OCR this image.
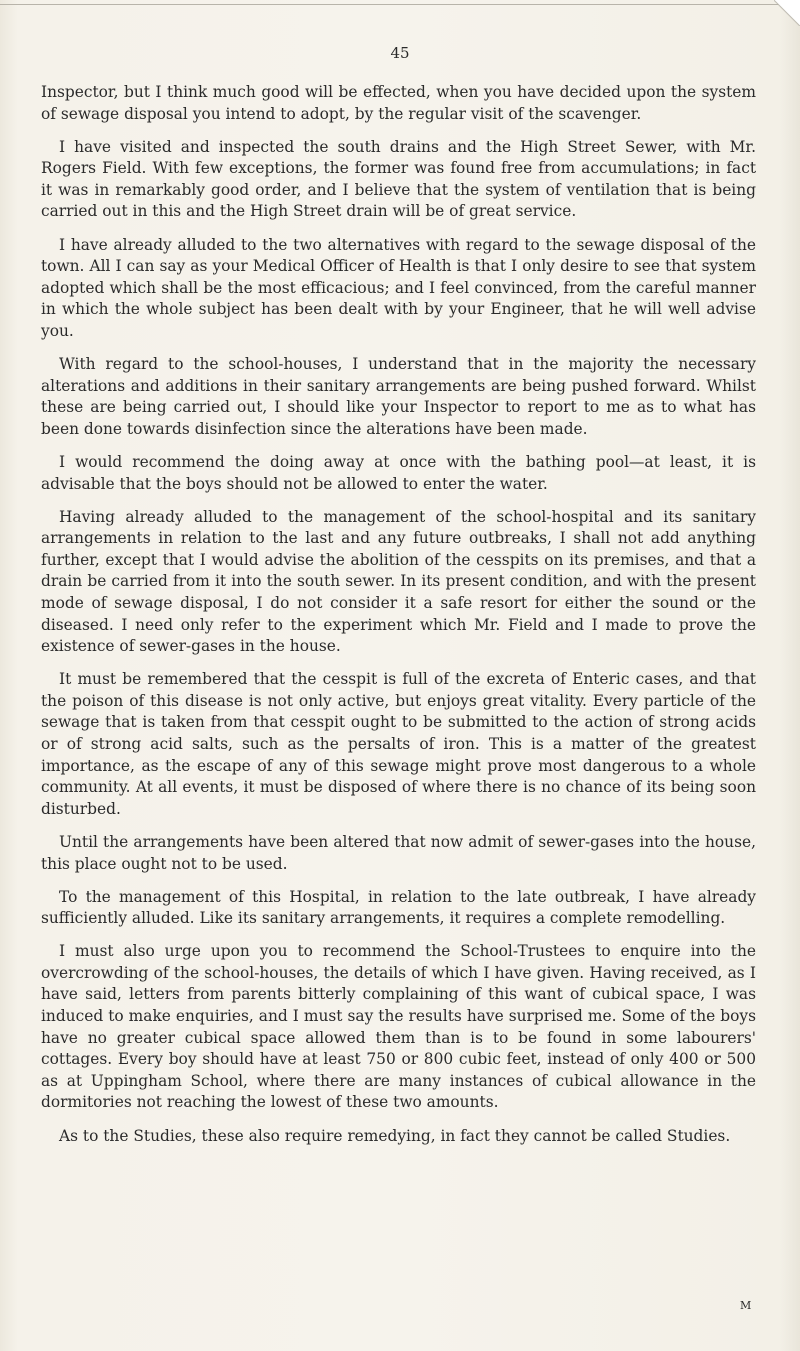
45

Inspector, but I think much good will be effected, when you have decided upon the system of sewage disposal you intend to adopt, by the regular visit of the scavenger.

I have visited and inspected the south drains and the High Street Sewer, with Mr. Rogers Field. With few exceptions, the former was found free from accumulations; in fact it was in remarkably good order, and I believe that the system of ventilation that is being carried out in this and the High Street drain will be of great service.

I have already alluded to the two alternatives with regard to the sewage disposal of the town. All I can say as your Medical Officer of Health is that I only desire to see that system adopted which shall be the most efficacious; and I feel convinced, from the careful manner in which the whole subject has been dealt with by your Engineer, that he will well advise you.

With regard to the school-houses, I understand that in the majority the necessary alterations and additions in their sanitary arrangements are being pushed forward. Whilst these are being carried out, I should like your Inspector to report to me as to what has been done towards disinfection since the alterations have been made.

I would recommend the doing away at once with the bathing pool—at least, it is advisable that the boys should not be allowed to enter the water.

Having already alluded to the management of the school-hospital and its sanitary arrangements in relation to the last and any future outbreaks, I shall not add anything further, except that I would advise the abolition of the cesspits on its premises, and that a drain be carried from it into the south sewer. In its present condition, and with the present mode of sewage disposal, I do not consider it a safe resort for either the sound or the diseased. I need only refer to the experiment which Mr. Field and I made to prove the existence of sewer-gases in the house.

It must be remembered that the cesspit is full of the excreta of Enteric cases, and that the poison of this disease is not only active, but enjoys great vitality. Every particle of the sewage that is taken from that cesspit ought to be submitted to the action of strong acids or of strong acid salts, such as the persalts of iron. This is a matter of the greatest importance, as the escape of any of this sewage might prove most dangerous to a whole community. At all events, it must be disposed of where there is no chance of its being soon disturbed.

Until the arrangements have been altered that now admit of sewer-gases into the house, this place ought not to be used.

To the management of this Hospital, in relation to the late outbreak, I have already sufficiently alluded. Like its sanitary arrangements, it requires a complete remodelling.

I must also urge upon you to recommend the School-Trustees to enquire into the overcrowding of the school-houses, the details of which I have given. Having received, as I have said, letters from parents bitterly complaining of this want of cubical space, I was induced to make enquiries, and I must say the results have surprised me. Some of the boys have no greater cubical space allowed them than is to be found in some labourers' cottages. Every boy should have at least 750 or 800 cubic feet, instead of only 400 or 500 as at Uppingham School, where there are many instances of cubical allowance in the dormitories not reaching the lowest of these two amounts.

As to the Studies, these also require remedying, in fact they cannot be called Studies.

M
